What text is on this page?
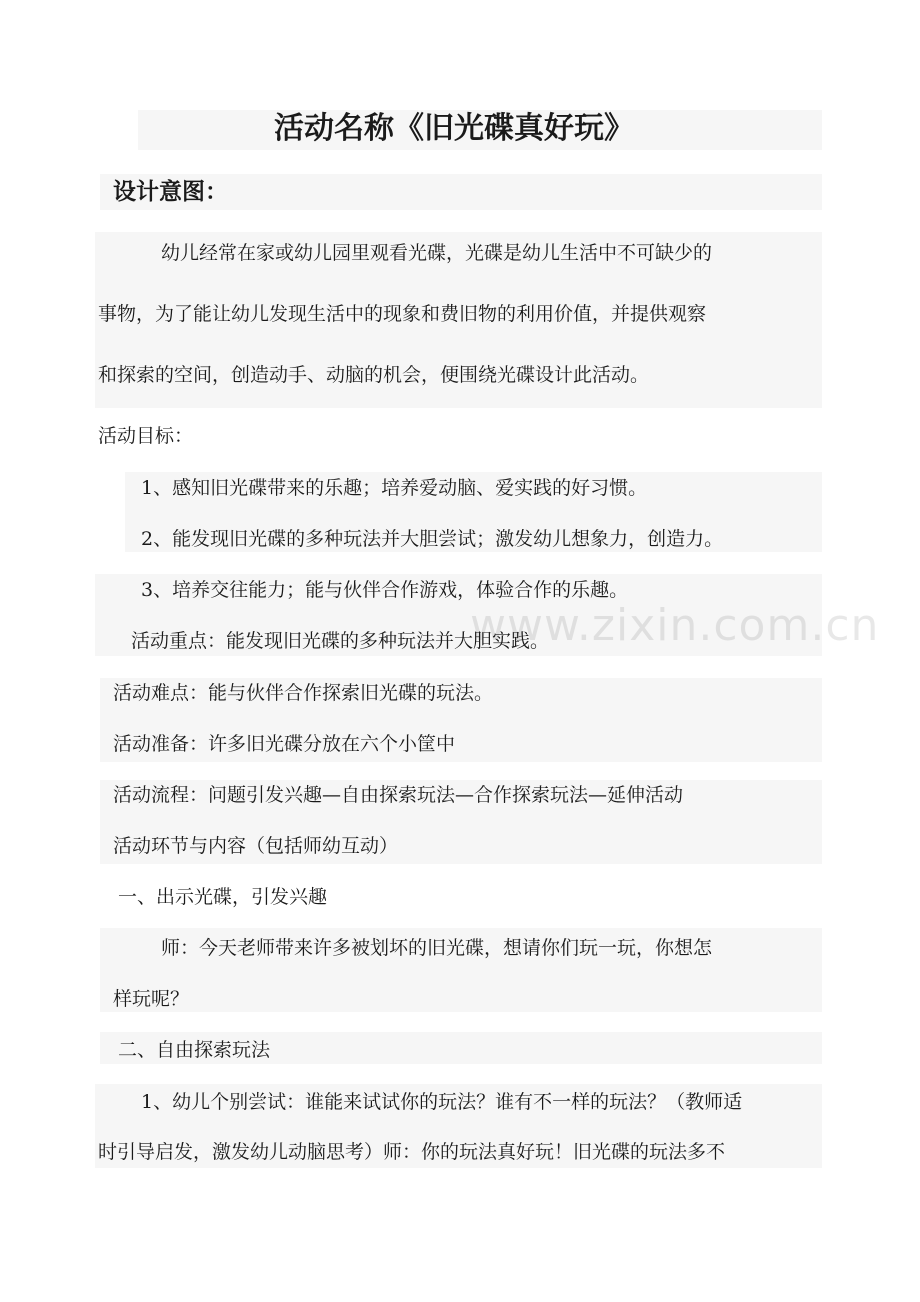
www.zixin.com.cn
活动名称《旧光碟真好玩》
设计意图：
幼儿经常在家或幼儿园里观看光碟，光碟是幼儿生活中不可缺少的
事物，为了能让幼儿发现生活中的现象和费旧物的利用价值，并提供观察
和探索的空间，创造动手、动脑的机会，便围绕光碟设计此活动。
活动目标：
1、感知旧光碟带来的乐趣；培养爱动脑、爱实践的好习惯。
2、能发现旧光碟的多种玩法并大胆尝试；激发幼儿想象力，创造力。
3、培养交往能力；能与伙伴合作游戏，体验合作的乐趣。
活动重点：能发现旧光碟的多种玩法并大胆实践。
活动难点：能与伙伴合作探索旧光碟的玩法。
活动准备：许多旧光碟分放在六个小筐中
活动流程：问题引发兴趣—自由探索玩法—合作探索玩法—延伸活动
活动环节与内容（包括师幼互动）
一、出示光碟，引发兴趣
师：今天老师带来许多被划坏的旧光碟，想请你们玩一玩，你想怎
样玩呢？
二、自由探索玩法
1、幼儿个别尝试：谁能来试试你的玩法？谁有不一样的玩法？（教师适
时引导启发，激发幼儿动脑思考）师：你的玩法真好玩！旧光碟的玩法多不
